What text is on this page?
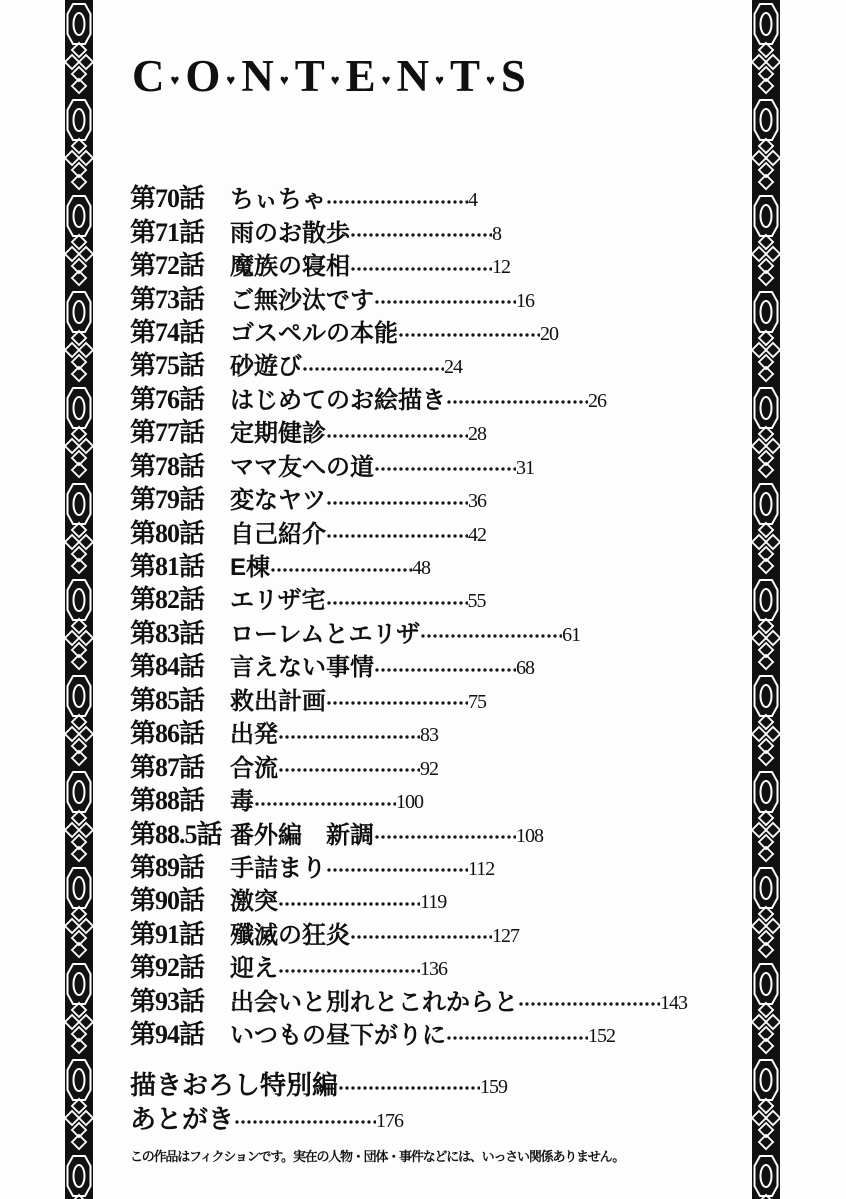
C ♥ O ♥ N ♥ T ♥ E ♥ N ♥ T ♥ S
第70話	ちぃちゃ	4
第71話	雨のお散歩	8
第72話	魔族の寝相	12
第73話	ご無沙汰です	16
第74話	ゴスペルの本能	20
第75話	砂遊び	24
第76話	はじめてのお絵描き	26
第77話	定期健診	28
第78話	ママ友への道	31
第79話	変なヤツ	36
第80話	自己紹介	42
第81話	E棟	48
第82話	エリザ宅	55
第83話	ローレムとエリザ	61
第84話	言えない事情	68
第85話	救出計画	75
第86話	出発	83
第87話	合流	92
第88話	毒	100
第88.5話 番外編　新調	108
第89話	手詰まり	112
第90話	激突	119
第91話	殲滅の狂炎	127
第92話	迎え	136
第93話	出会いと別れとこれからと	143
第94話	いつもの昼下がりに	152
描きおろし特別編	159
あとがき	176
この作品はフィクションです。実在の人物・団体・事件などには、いっさい関係ありません。
